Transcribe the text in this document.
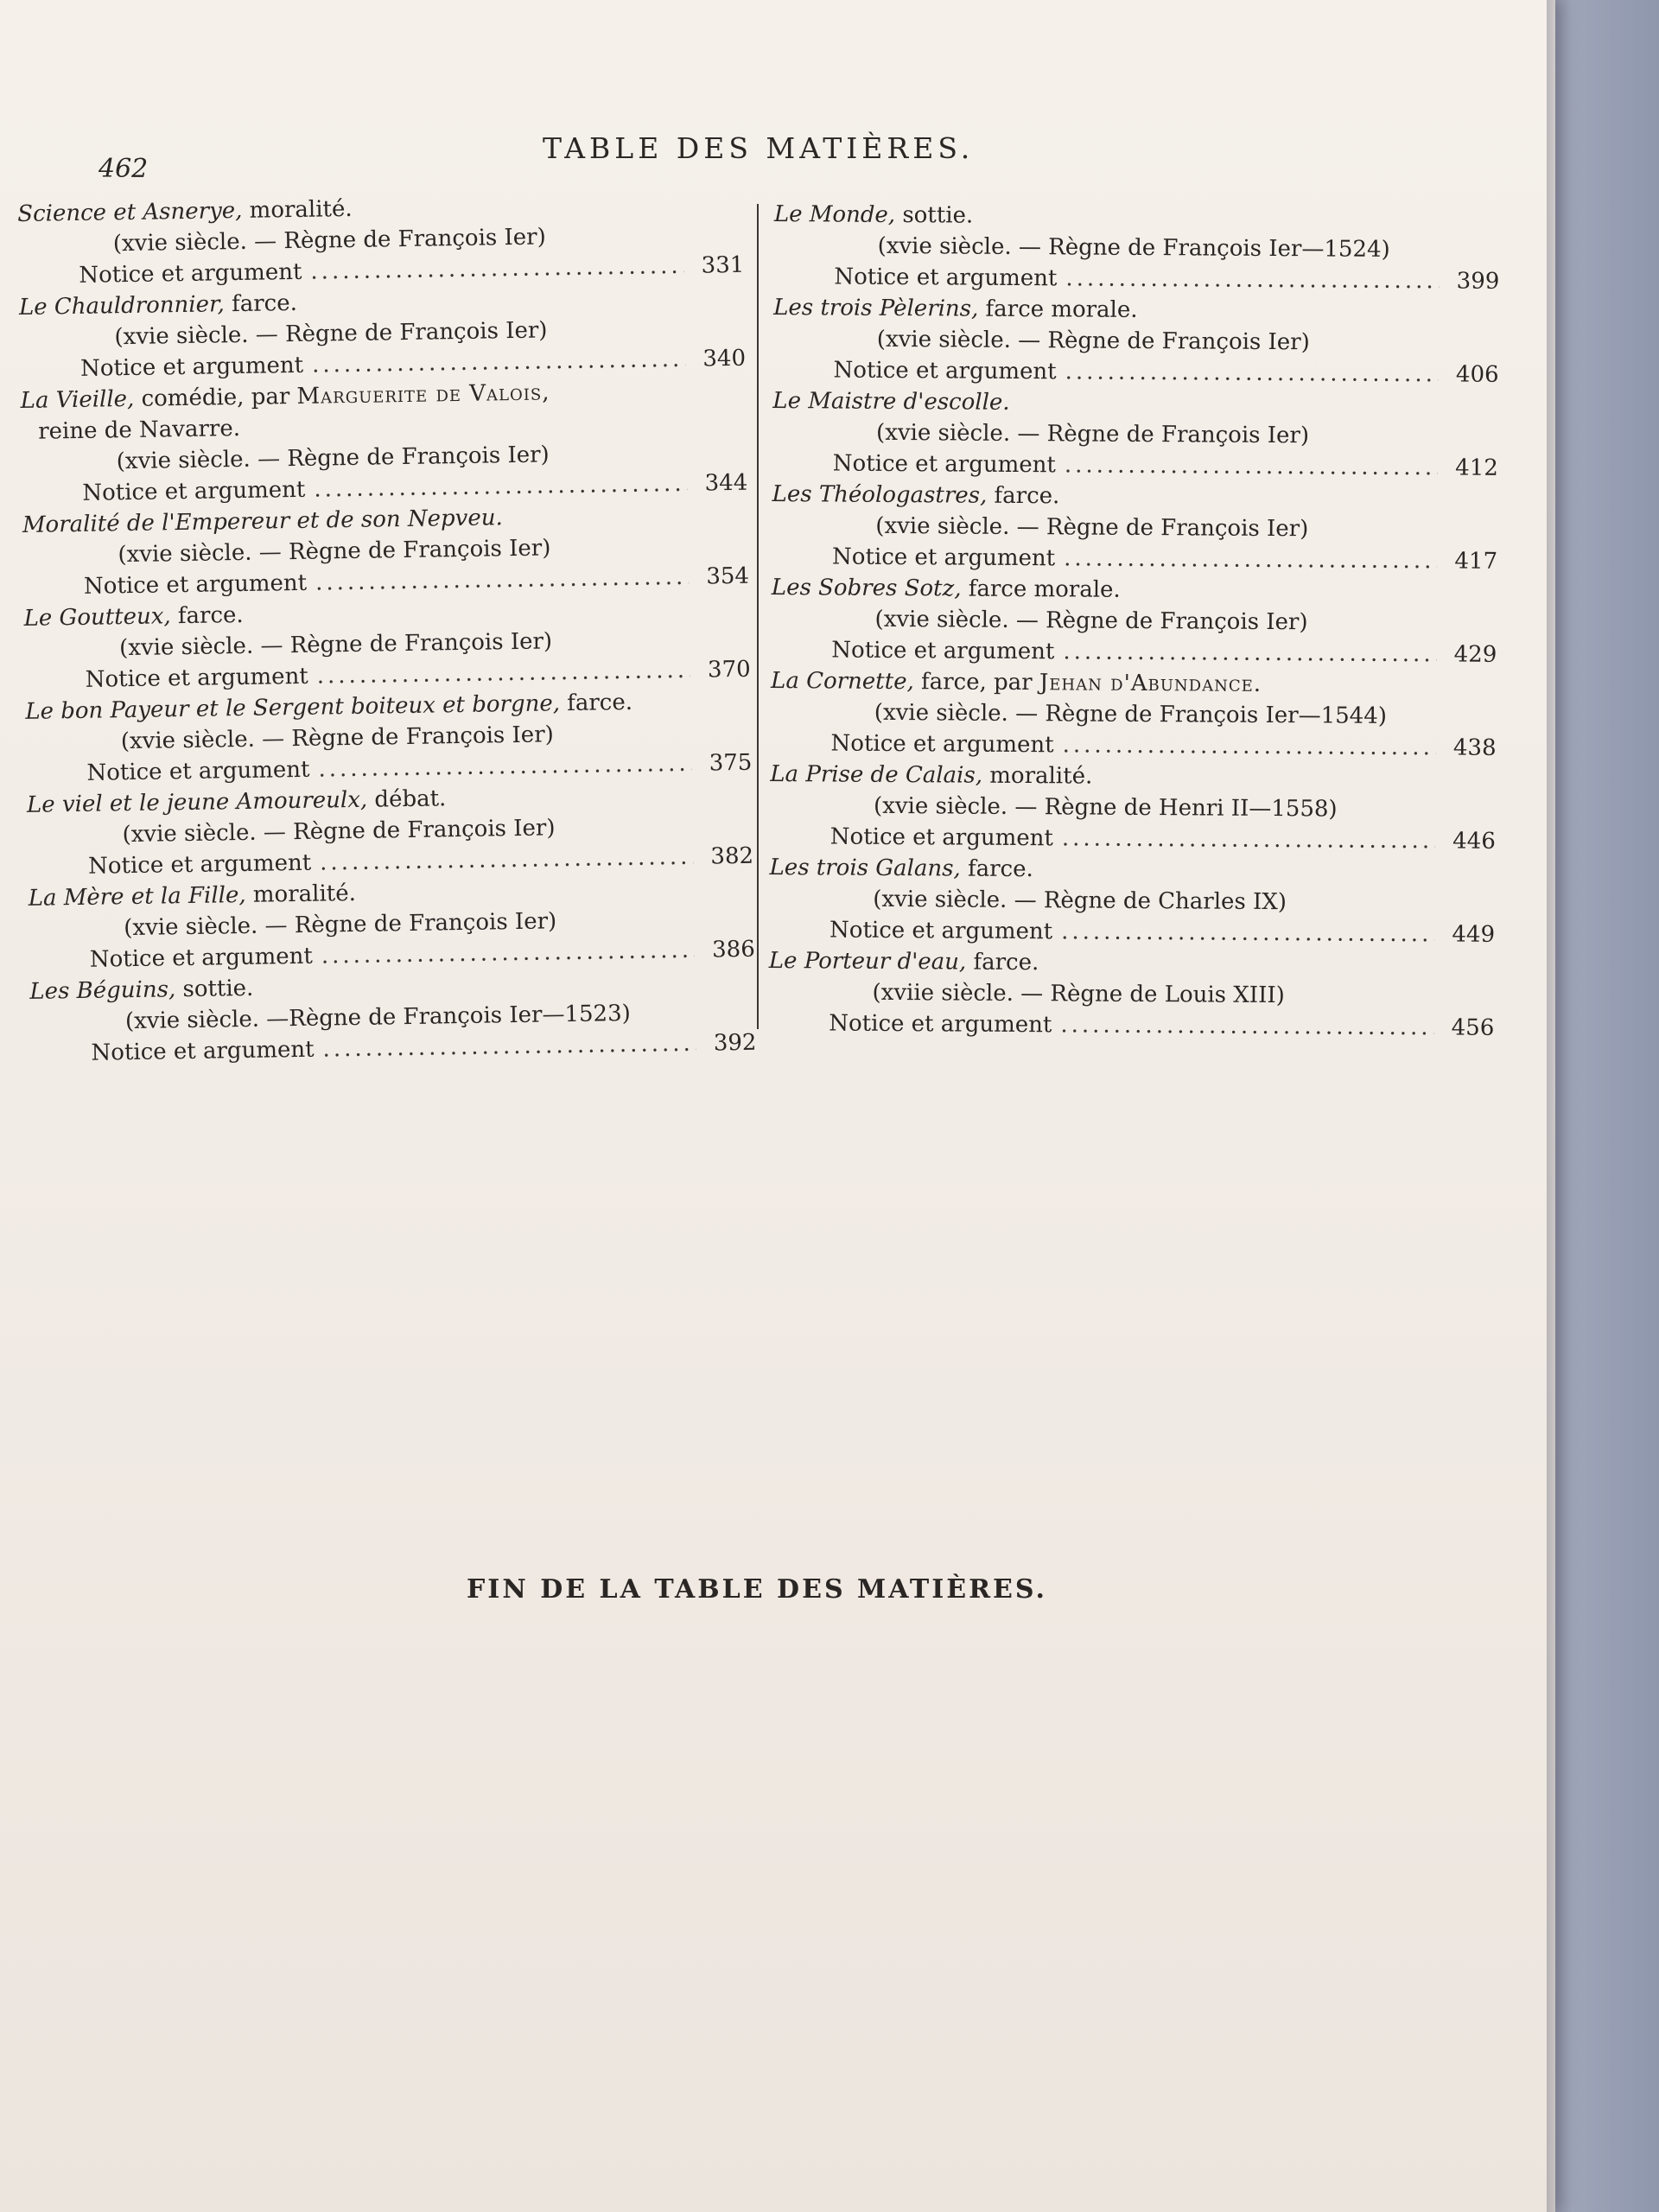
462
TABLE DES MATIÈRES.
Science et Asnerye, moralité.
(xvie siècle. — Règne de François Ier)
Notice et argument .....	331
Le Chauldronnier, farce.
(xvie siècle. — Règne de François Ier)
Notice et argument .....	340
La Vieille, comédie, par Marguerite de Valois,
reine de Navarre.
(xvie siècle. — Règne de François Ier)
Notice et argument .....	344
Moralité de l'Empereur et de son Nepveu.
(xvie siècle. — Règne de François Ier)
Notice et argument .....	354
Le Goutteux, farce.
(xvie siècle. — Règne de François Ier)
Notice et argument .....	370
Le bon Payeur et le Sergent boiteux et borgne, farce.
(xvie siècle. — Règne de François Ier)
Notice et argument .....	375
Le viel et le jeune Amoureulx, débat.
(xvie siècle. — Règne de François Ier)
Notice et argument .....	382
La Mère et la Fille, moralité.
(xvie siècle. — Règne de François Ier)
Notice et argument .....	386
Les Béguins, sottie.
(xvie siècle. —Règne de François Ier—1523)
Notice et argument .....	392
Le Monde, sottie.
(xvie siècle. — Règne de François Ier—1524)
Notice et argument .....	399
Les trois Pèlerins, farce morale.
(xvie siècle. — Règne de François Ier)
Notice et argument .....	406
Le Maistre d'escolle.
(xvie siècle. — Règne de François Ier)
Notice et argument .....	412
Les Théologastres, farce.
(xvie siècle. — Règne de François Ier)
Notice et argument .....	417
Les Sobres Sotz, farce morale.
(xvie siècle. — Règne de François Ier)
Notice et argument .....	429
La Cornette, farce, par Jehan d'Abundance.
(xvie siècle. — Règne de François Ier—1544)
Notice et argument .....	438
La Prise de Calais, moralité.
(xvie siècle. — Règne de Henri II—1558)
Notice et argument .....	446
Les trois Galans, farce.
(xvie siècle. — Règne de Charles IX)
Notice et argument .....	449
Le Porteur d'eau, farce.
(xviie siècle. — Règne de Louis XIII)
Notice et argument .....	456
FIN DE LA TABLE DES MATIÈRES.
